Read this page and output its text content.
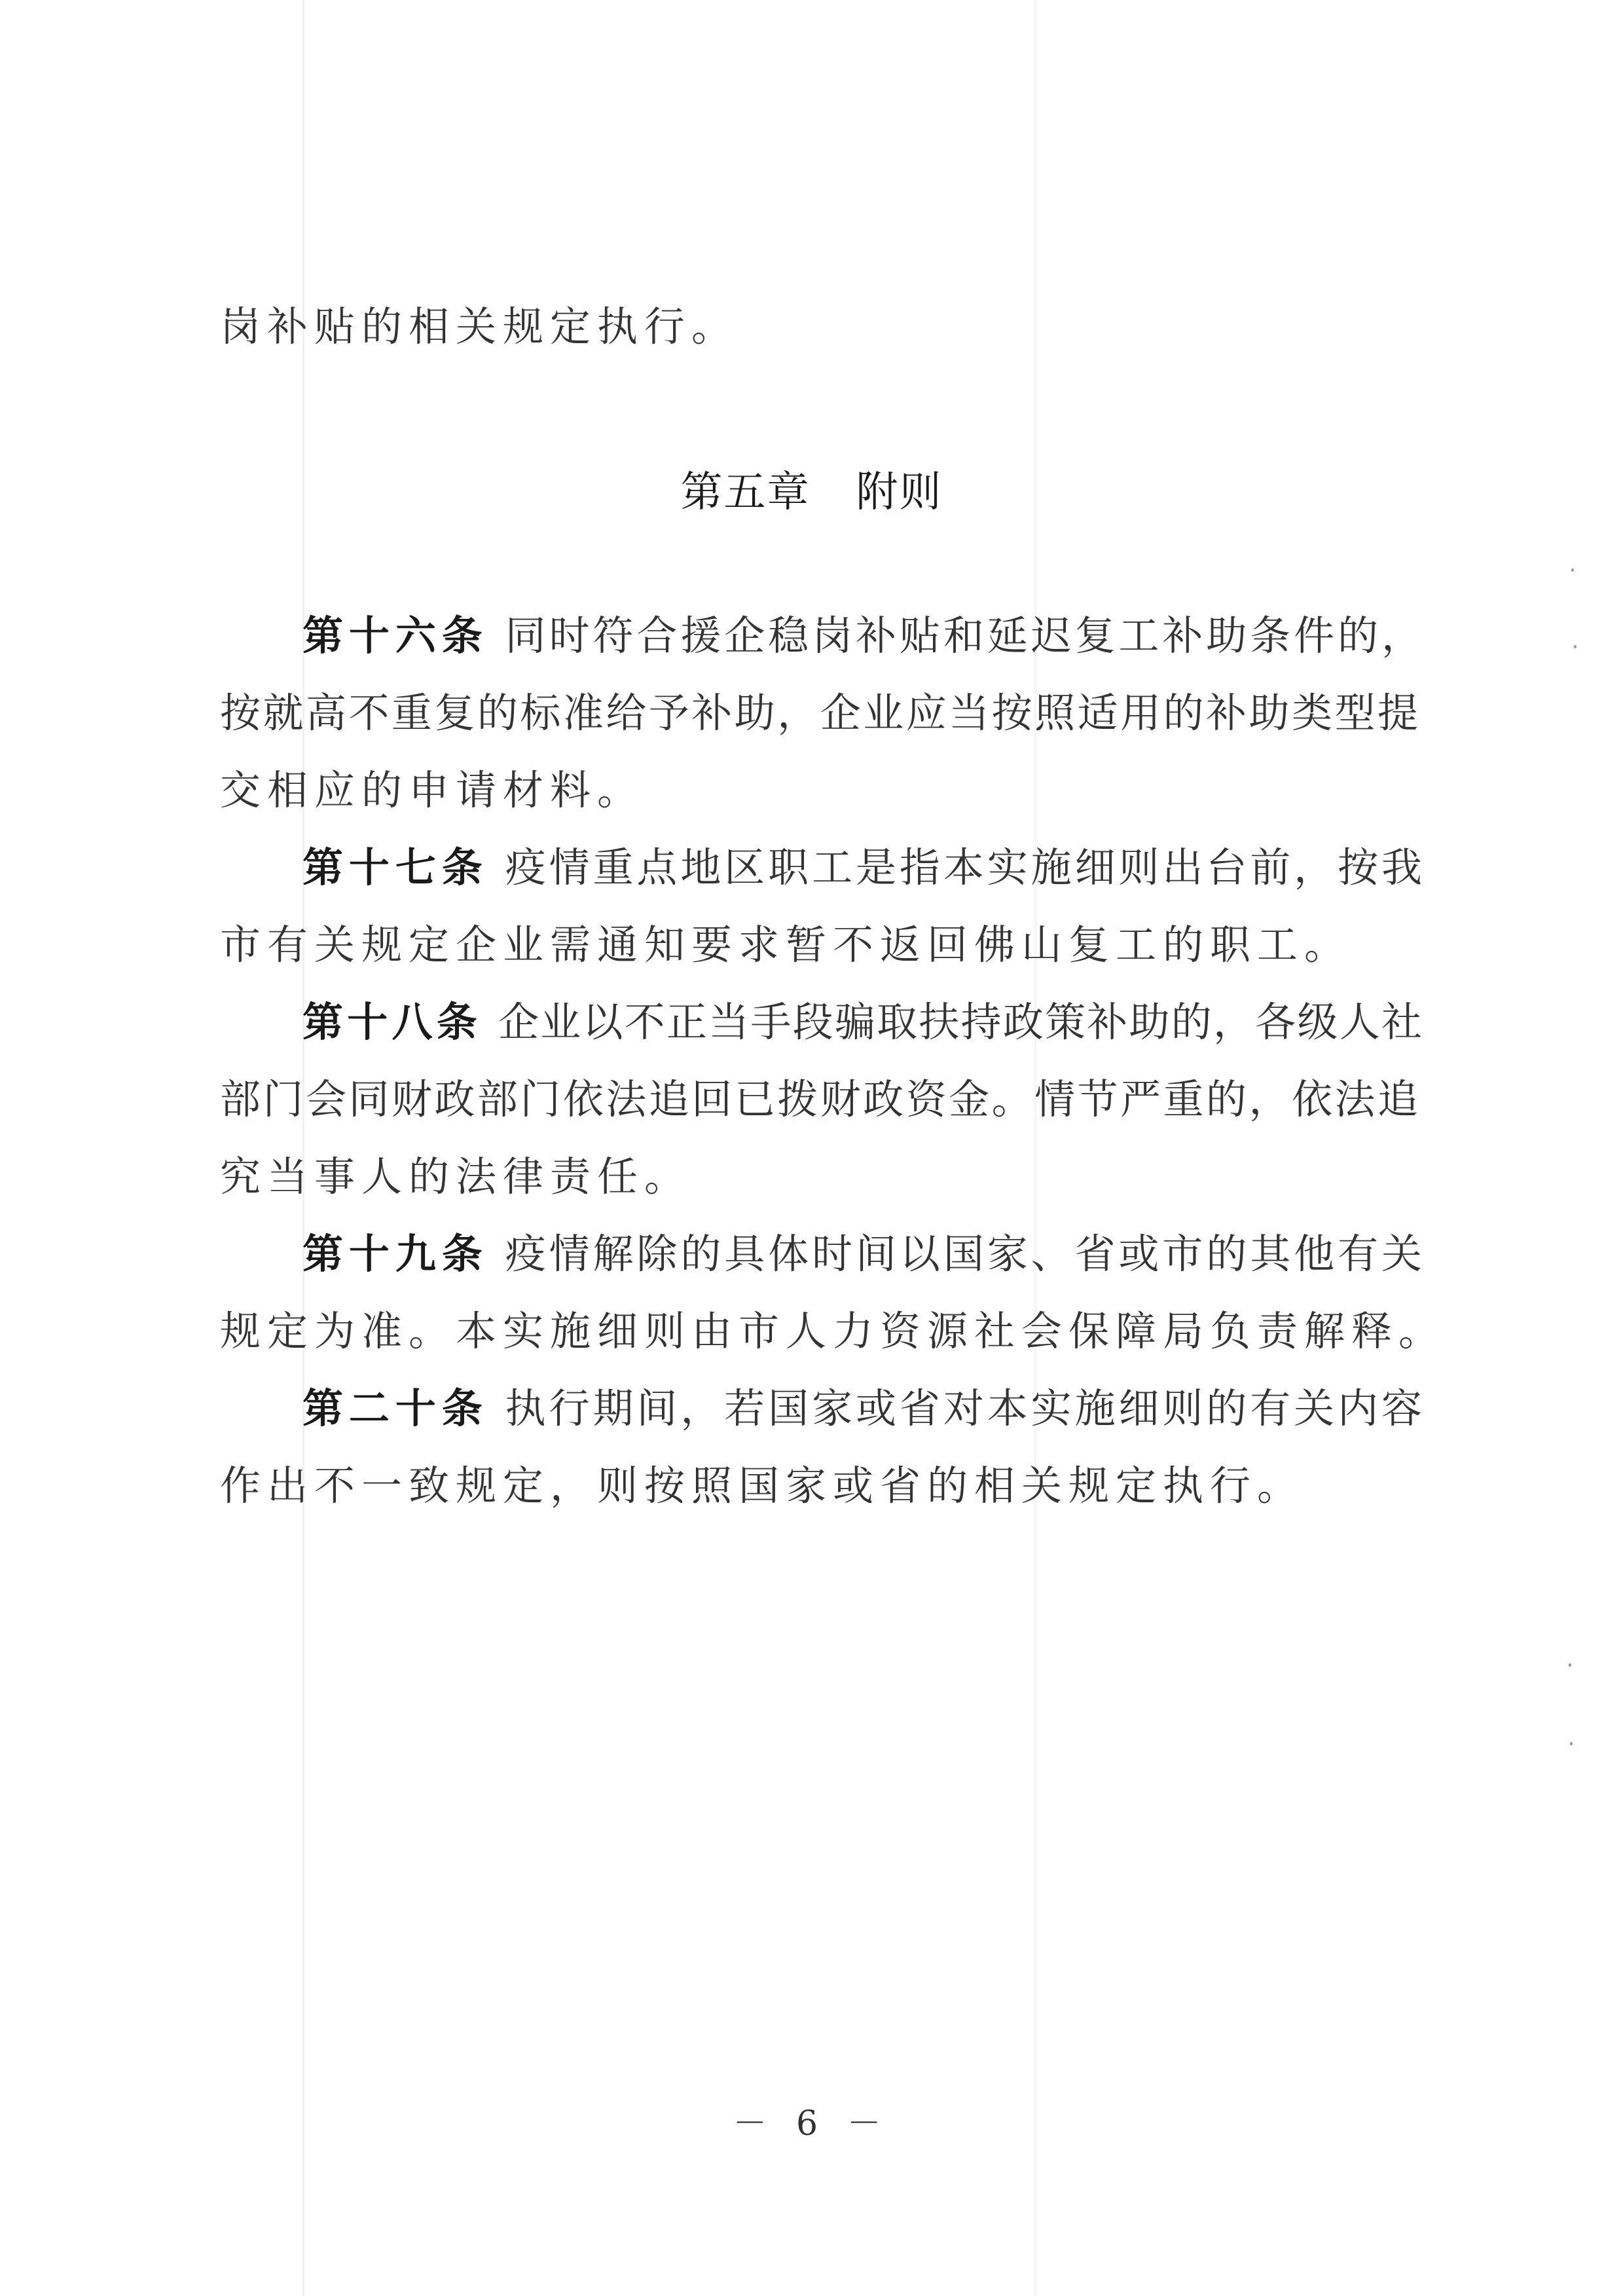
岗补贴的相关规定执行。
第五章 附则
第十六条 同时符合援企稳岗补贴和延迟复工补助条件的，
按就高不重复的标准给予补助，企业应当按照适用的补助类型提
交相应的申请材料。
第十七条 疫情重点地区职工是指本实施细则出台前，按我
市有关规定企业需通知要求暂不返回佛山复工的职工。
第十八条 企业以不正当手段骗取扶持政策补助的，各级人社
部门会同财政部门依法追回已拨财政资金。情节严重的，依法追
究当事人的法律责任。
第十九条 疫情解除的具体时间以国家、省或市的其他有关
规定为准。本实施细则由市人力资源社会保障局负责解释。
第二十条 执行期间，若国家或省对本实施细则的有关内容
作出不一致规定，则按照国家或省的相关规定执行。
－ 6 －
